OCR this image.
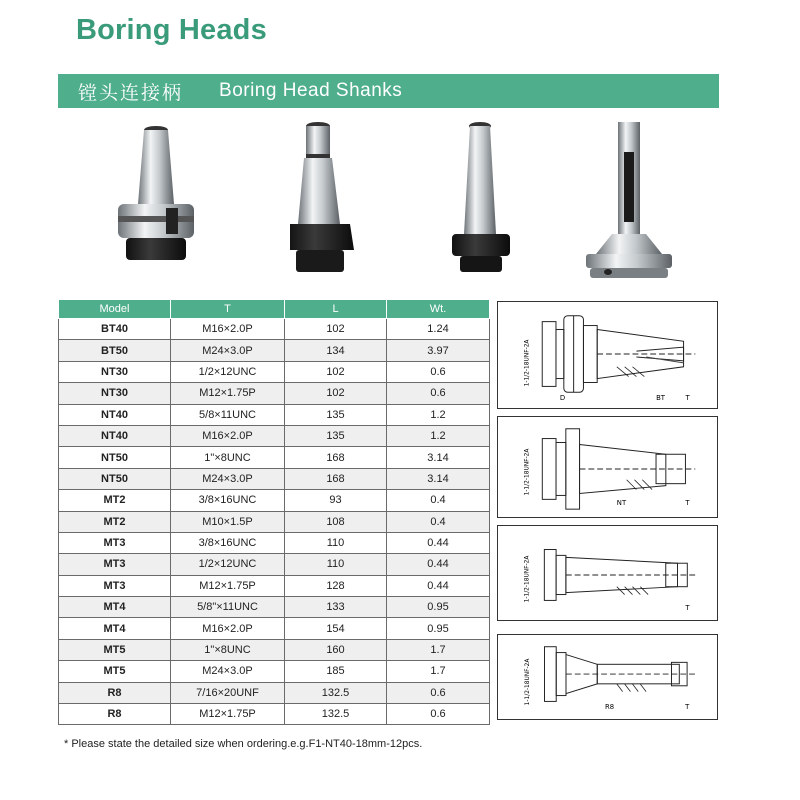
Boring Heads
镗头连接柄 Boring Head Shanks
Model	T	L	Wt.
BT40	M16×2.0P	102	1.24
BT50	M24×3.0P	134	3.97
NT30	1/2×12UNC	102	0.6
NT30	M12×1.75P	102	0.6
NT40	5/8×11UNC	135	1.2
NT40	M16×2.0P	135	1.2
NT50	1"×8UNC	168	3.14
NT50	M24×3.0P	168	3.14
MT2	3/8×16UNC	93	0.4
MT2	M10×1.5P	108	0.4
MT3	3/8×16UNC	110	0.44
MT3	1/2×12UNC	110	0.44
MT3	M12×1.75P	128	0.44
MT4	5/8"×11UNC	133	0.95
MT4	M16×2.0P	154	0.95
MT5	1"×8UNC	160	1.7
MT5	M24×3.0P	185	1.7
R8	7/16×20UNF	132.5	0.6
R8	M12×1.75P	132.5	0.6
* Please state the detailed size when ordering.e.g.F1-NT40-18mm-12pcs.
1-1/2-18UNF-2A
D	BT	T
1-1/2-18UNF-2A
NT	T
1-1/2-18UNF-2A
T
1-1/2-18UNF-2A
R8	T
